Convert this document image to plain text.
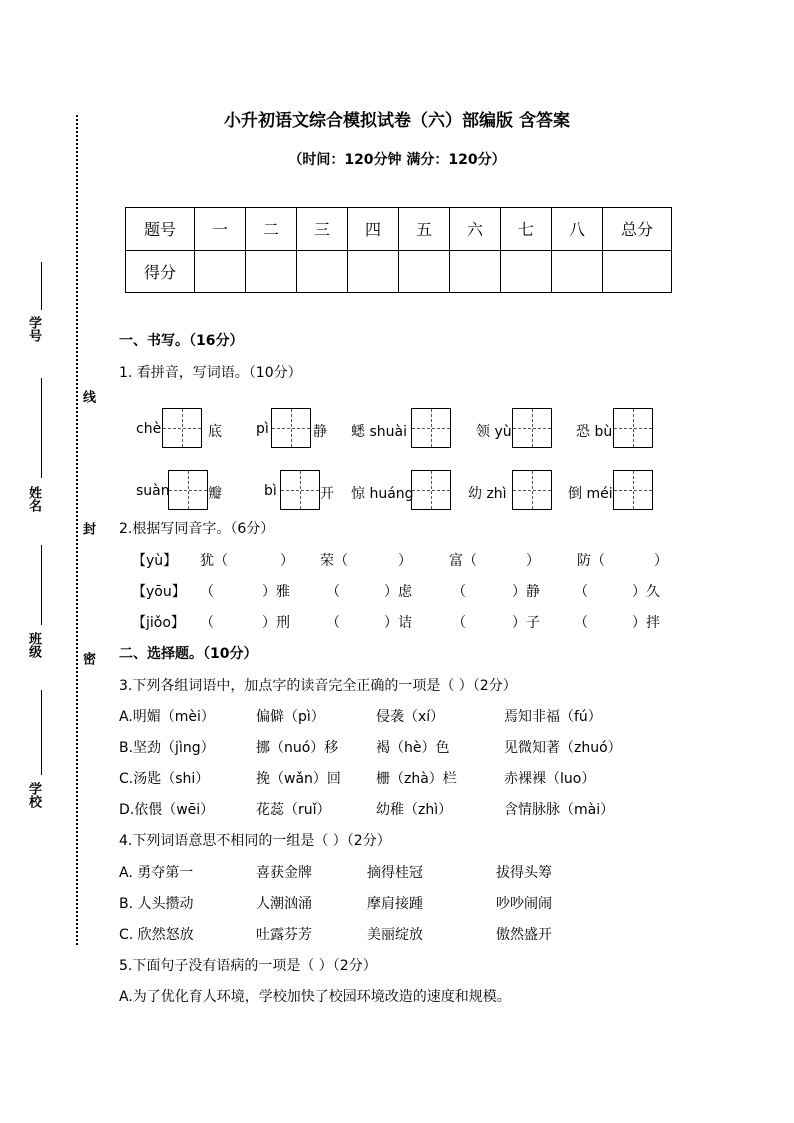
小升初语文综合模拟试卷（六）部编版 含答案
（时间：120分钟 满分：120分）
题号	一	二	三	四	五	六	七	八	总分
得分									
线
封
密
学号
姓名
班级
学校
一、书写。（16分）
1. 看拼音，写词语。（10分）
chè	底 pì	静 蟋 shuài	领 yù	恐 bù
suàn	瓣	bì	开 惊 huáng	幼 zhì	倒 méi
2.根据写同音字。（6分）
【yù】 犹（	） 荣（	）	富（	）	防（	）
【yōu】 （	）雅	（	）虑	（	）静 （	）久
【jiǒo】 （	）刑	（	）诘	（	）子 （	）拌
二、选择题。（10分）
3.下列各组词语中，加点字的读音完全正确的一项是（ ）（2分）
A.明媚（mèi）	偏僻（pì）	侵袭（xí）	焉知非福（fú）
B.坚劲（jìng）	挪（nuó）移	褐（hè）色	见微知著（zhuó）
C.汤匙（shi）	挽（wǎn）回	栅（zhà）栏	赤裸裸（luo）
D.依偎（wēi）	花蕊（ruǐ）	幼稚（zhì）	含情脉脉（mài）
4.下列词语意思不相同的一组是（ ）（2分）
A. 勇夺第一	喜获金牌	摘得桂冠	拔得头筹
B. 人头攒动	人潮汹涌	摩肩接踵	吵吵闹闹
C. 欣然怒放	吐露芬芳	美丽绽放	傲然盛开
5.下面句子没有语病的一项是（ ）（2分）
A.为了优化育人环境，学校加快了校园环境改造的速度和规模。
